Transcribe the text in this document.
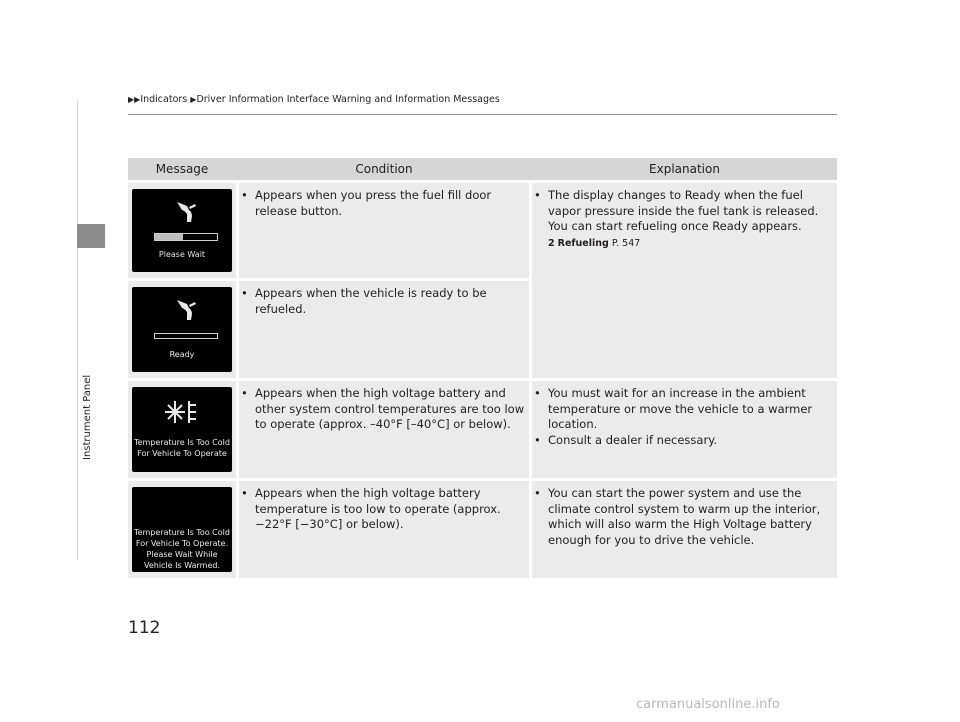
Instrument Panel
▶▶Indicators ▶Driver Information Interface Warning and Information Messages
Message	Condition	Explanation
Please Wait
• Appears when you press the fuel fill door release button.
• The display changes to Ready when the fuel vapor pressure inside the fuel tank is released. You can start refueling once Ready appears.
2 Refueling P. 547
Ready
• Appears when the vehicle is ready to be refueled.
Temperature Is Too Cold
For Vehicle To Operate
• Appears when the high voltage battery and other system control temperatures are too low to operate (approx. –40°F [–40°C] or below).
• You must wait for an increase in the ambient temperature or move the vehicle to a warmer location.
• Consult a dealer if necessary.
Temperature Is Too Cold
For Vehicle To Operate.
Please Wait While
Vehicle Is Warmed.
• Appears when the high voltage battery temperature is too low to operate (approx. −22°F [−30°C] or below).
• You can start the power system and use the climate control system to warm up the interior, which will also warm the High Voltage battery enough for you to drive the vehicle.
112
carmanualsonline.info
